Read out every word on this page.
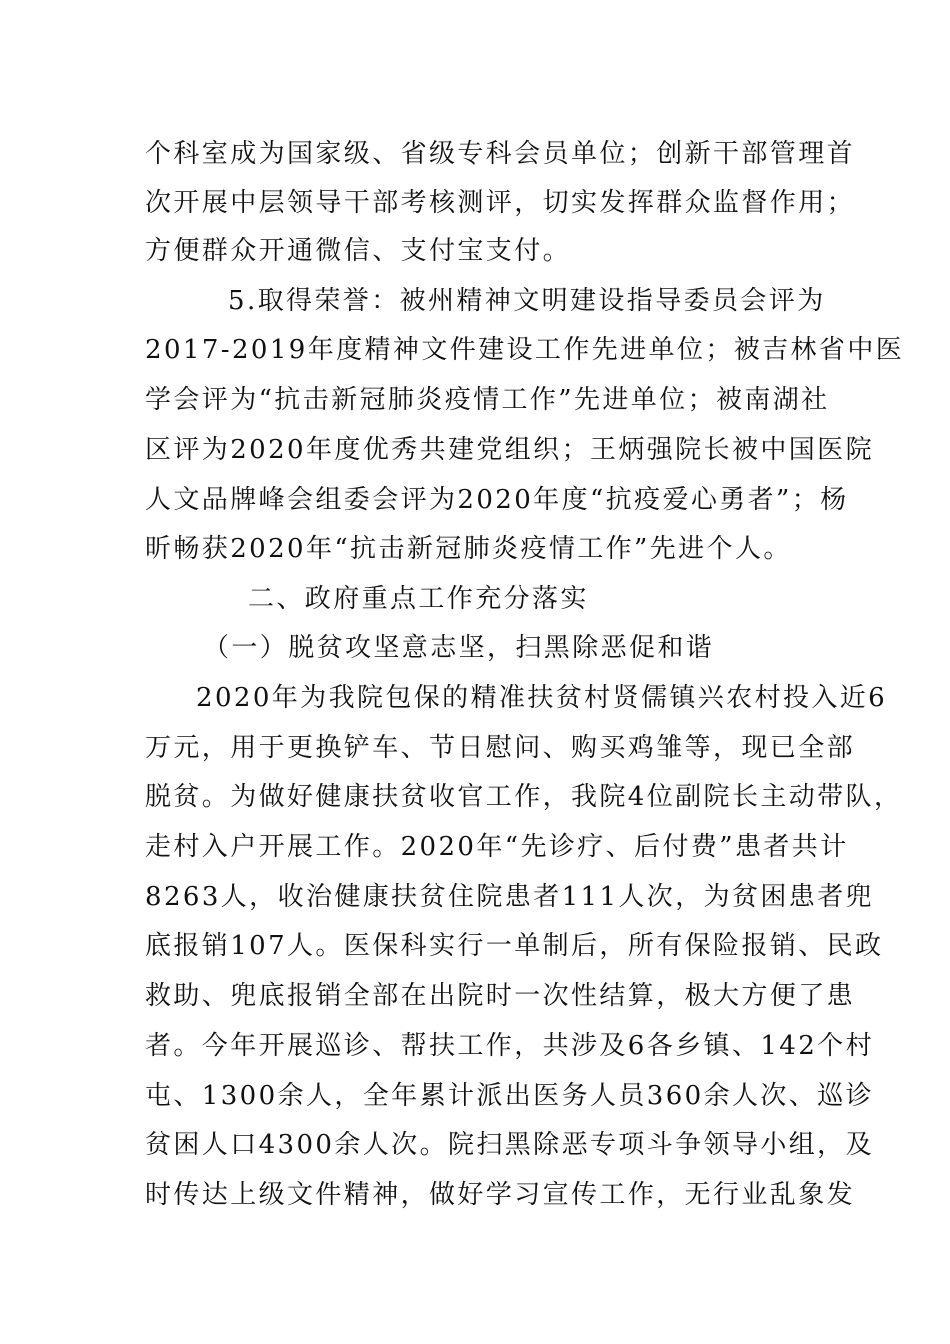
个科室成为国家级、省级专科会员单位；创新干部管理首
次开展中层领导干部考核测评，切实发挥群众监督作用；
方便群众开通微信、支付宝支付。
5.取得荣誉：被州精神文明建设指导委员会评为
2017-2019年度精神文件建设工作先进单位；被吉林省中医
学会评为“抗击新冠肺炎疫情工作”先进单位；被南湖社
区评为2020年度优秀共建党组织；王炳强院长被中国医院
人文品牌峰会组委会评为2020年度“抗疫爱心勇者”；杨
昕畅获2020年“抗击新冠肺炎疫情工作”先进个人。
二、政府重点工作充分落实
（一）脱贫攻坚意志坚，扫黑除恶促和谐
2020年为我院包保的精准扶贫村贤儒镇兴农村投入近6
万元，用于更换铲车、节日慰问、购买鸡雏等，现已全部
脱贫。为做好健康扶贫收官工作，我院4位副院长主动带队，
走村入户开展工作。2020年“先诊疗、后付费”患者共计
8263人，收治健康扶贫住院患者111人次，为贫困患者兜
底报销107人。医保科实行一单制后，所有保险报销、民政
救助、兜底报销全部在出院时一次性结算，极大方便了患
者。今年开展巡诊、帮扶工作，共涉及6各乡镇、142个村
屯、1300余人，全年累计派出医务人员360余人次、巡诊
贫困人口4300余人次。院扫黑除恶专项斗争领导小组，及
时传达上级文件精神，做好学习宣传工作，无行业乱象发
